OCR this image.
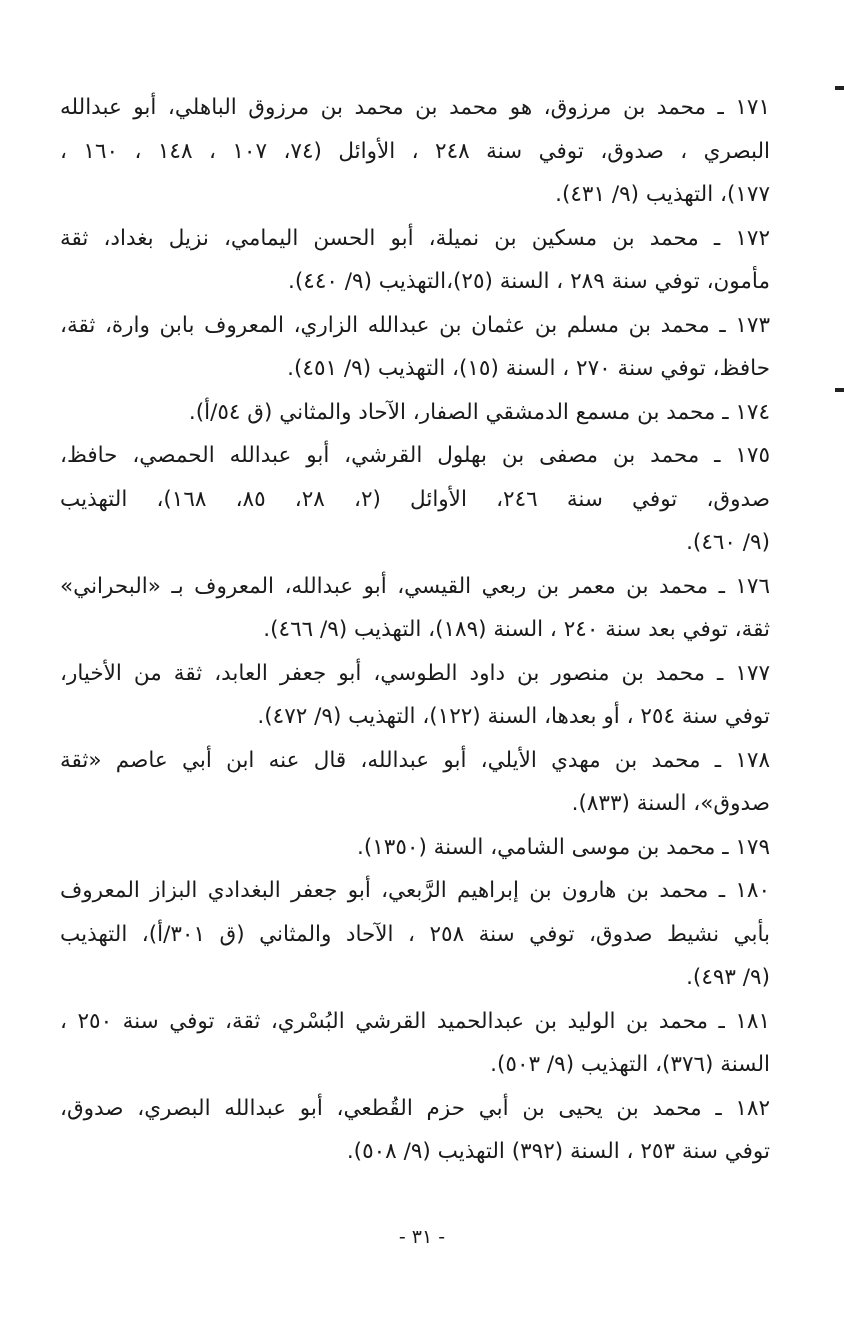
١٧١ ـ محمد بن مرزوق، هو محمد بن محمد بن مرزوق الباهلي، أبو عبدالله
البصري ، صدوق، توفي سنة ٢٤٨ ، الأوائل (٧٤، ١٠٧ ، ١٤٨ ، ١٦٠ ،
١٧٧)، التهذيب (٩/ ٤٣١).
١٧٢ ـ محمد بن مسكين بن نميلة، أبو الحسن اليمامي، نزيل بغداد، ثقة
مأمون، توفي سنة ٢٨٩ ، السنة (٢٥)،التهذيب (٩/ ٤٤٠).
١٧٣ ـ محمد بن مسلم بن عثمان بن عبدالله الزاري، المعروف بابن وارة، ثقة،
حافظ، توفي سنة ٢٧٠ ، السنة (١٥)، التهذيب (٩/ ٤٥١).
١٧٤ ـ محمد بن مسمع الدمشقي الصفار، الآحاد والمثاني (ق ٥٤/أ).
١٧٥ ـ محمد بن مصفى بن بهلول القرشي، أبو عبدالله الحمصي، حافظ،
صدوق، توفي سنة ٢٤٦، الأوائل (٢، ٢٨، ٨٥، ١٦٨)، التهذيب
(٩/ ٤٦٠).
١٧٦ ـ محمد بن معمر بن ربعي القيسي، أبو عبدالله، المعروف بـ «البحراني»
ثقة، توفي بعد سنة ٢٤٠ ، السنة (١٨٩)، التهذيب (٩/ ٤٦٦).
١٧٧ ـ محمد بن منصور بن داود الطوسي، أبو جعفر العابد، ثقة من الأخيار،
توفي سنة ٢٥٤ ، أو بعدها، السنة (١٢٢)، التهذيب (٩/ ٤٧٢).
١٧٨ ـ محمد بن مهدي الأيلي، أبو عبدالله، قال عنه ابن أبي عاصم «ثقة
صدوق»، السنة (٨٣٣).
١٧٩ ـ محمد بن موسى الشامي، السنة (١٣٥٠).
١٨٠ ـ محمد بن هارون بن إبراهيم الرَّبعي، أبو جعفر البغدادي البزاز المعروف
بأبي نشيط صدوق، توفي سنة ٢٥٨ ، الآحاد والمثاني (ق ٣٠١/أ)، التهذيب
(٩/ ٤٩٣).
١٨١ ـ محمد بن الوليد بن عبدالحميد القرشي البُسْري، ثقة، توفي سنة ٢٥٠ ،
السنة (٣٧٦)، التهذيب (٩/ ٥٠٣).
١٨٢ ـ محمد بن يحيى بن أبي حزم القُطعي، أبو عبدالله البصري، صدوق،
توفي سنة ٢٥٣ ، السنة (٣٩٢) التهذيب (٩/ ٥٠٨).
- ٣١ -
